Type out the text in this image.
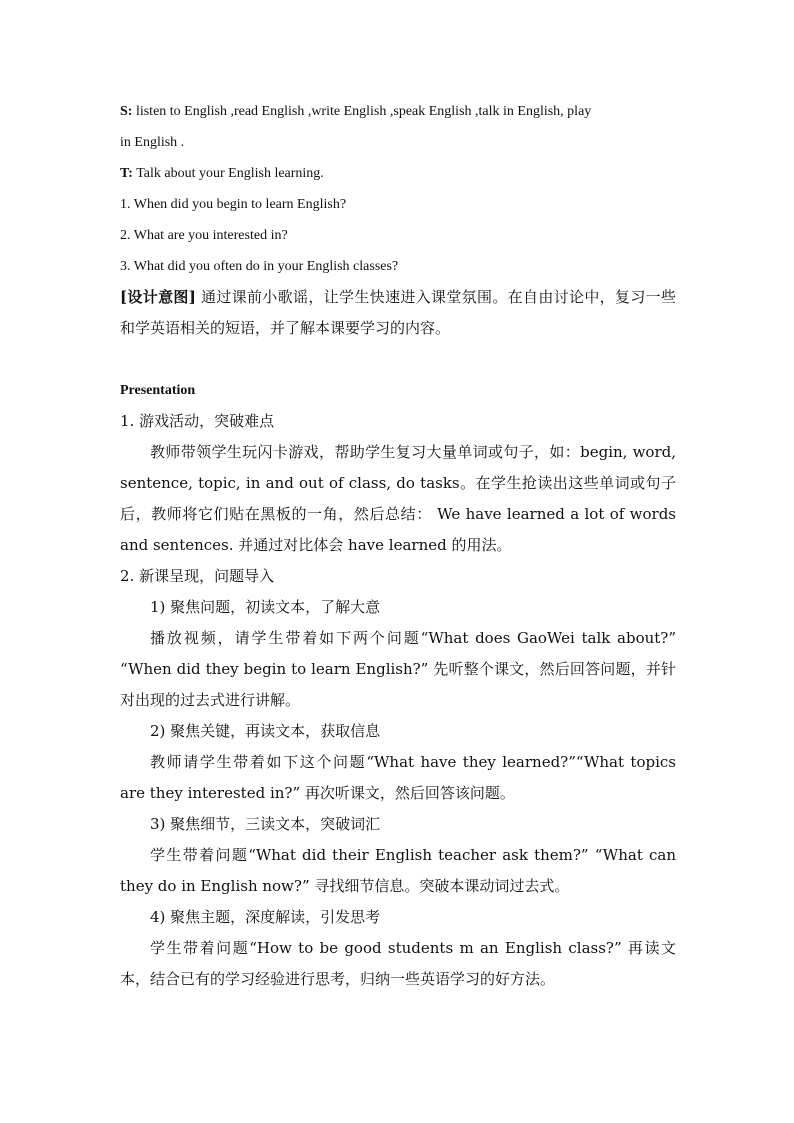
S: listen to English ,read English ,write English ,speak English ,talk in English, play
in English .
T: Talk about your English learning.
1. When did you begin to learn English?
2. What are you interested in?
3. What did you often do in your English classes?
[设计意图] 通过课前小歌谣，让学生快速进入课堂氛围。在自由讨论中，复习一些和学英语相关的短语，并了解本课要学习的内容。
Presentation
1. 游戏活动，突破难点
教师带领学生玩闪卡游戏，帮助学生复习大量单词或句子，如：begin, word, sentence, topic, in and out of class, do tasks。在学生抢读出这些单词或句子后，教师将它们贴在黑板的一角，然后总结： We have learned a lot of words and sentences. 并通过对比体会 have learned 的用法。
2. 新课呈现，问题导入
1) 聚焦问题，初读文本，了解大意
播放视频，请学生带着如下两个问题“What does GaoWei talk about?” “When did they begin to learn English?” 先听整个课文，然后回答问题，并针对出现的过去式进行讲解。
2) 聚焦关键，再读文本，获取信息
教师请学生带着如下这个问题“What have they learned?”“What topics are they interested in?” 再次听课文，然后回答该问题。
3) 聚焦细节，三读文本，突破词汇
学生带着问题“What did their English teacher ask them?” “What can they do in English now?” 寻找细节信息。突破本课动词过去式。
4) 聚焦主题，深度解读，引发思考
学生带着问题“How to be good students m an English class?” 再读文本，结合已有的学习经验进行思考，归纳一些英语学习的好方法。
